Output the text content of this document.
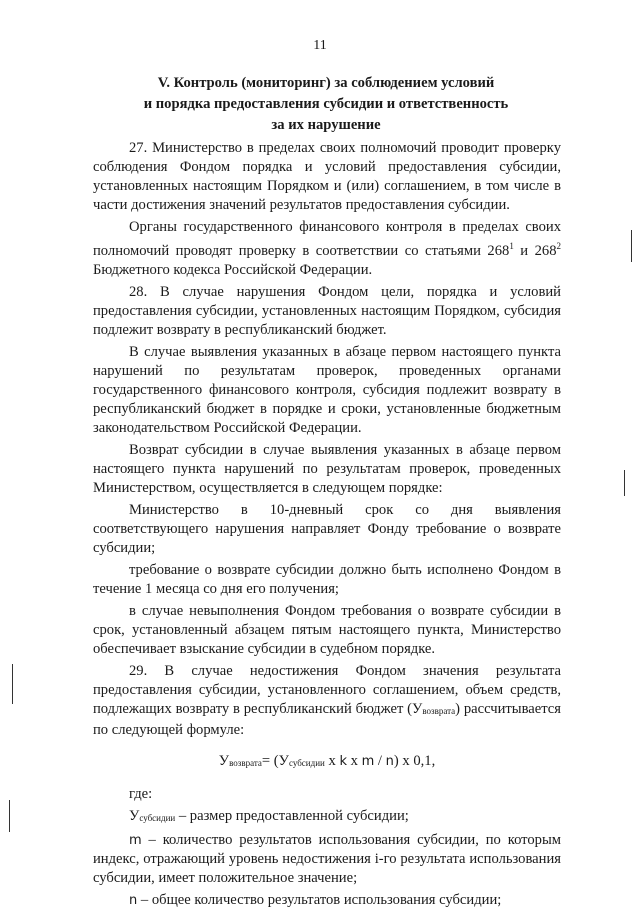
11
V. Контроль (мониторинг) за соблюдением условий
и порядка предоставления субсидии и ответственность
за их нарушение

27. Министерство в пределах своих полномочий проводит проверку соблюдения Фондом порядка и условий предоставления субсидии, установленных настоящим Порядком и (или) соглашением, в том числе в части достижения значений результатов предоставления субсидии.

Органы государственного финансового контроля в пределах своих полномочий проводят проверку в соответствии со статьями $268^1$ и $268^2$ Бюджетного кодекса Российской Федерации.

28. В случае нарушения Фондом цели, порядка и условий предоставления субсидии, установленных настоящим Порядком, субсидия подлежит возврату в республиканский бюджет.

В случае выявления указанных в абзаце первом настоящего пункта нарушений по результатам проверок, проведенных органами государственного финансового контроля, субсидия подлежит возврату в республиканский бюджет в порядке и сроки, установленные бюджетным законодательством Российской Федерации.

Возврат субсидии в случае выявления указанных в абзаце первом настоящего пункта нарушений по результатам проверок, проведенных Министерством, осуществляется в следующем порядке:

Министерство в 10-дневный срок со дня выявления соответствующего нарушения направляет Фонду требование о возврате субсидии;

требование о возврате субсидии должно быть исполнено Фондом в течение 1 месяца со дня его получения;

в случае невыполнения Фондом требования о возврате субсидии в срок, установленный абзацем пятым настоящего пункта, Министерство обеспечивает взыскание субсидии в судебном порядке.

29. В случае недостижения Фондом значения результата предоставления субсидии, установленного соглашением, объем средств, подлежащих возврату в республиканский бюджет (Увозврата) рассчитывается по следующей формуле:

Увозврата= (Усубсидии x k x m / n) x 0,1,

где:

Усубсидии – размер предоставленной субсидии;

m – количество результатов использования субсидии, по которым индекс, отражающий уровень недостижения i-го результата использования субсидии, имеет положительное значение;

n – общее количество результатов использования субсидии;
